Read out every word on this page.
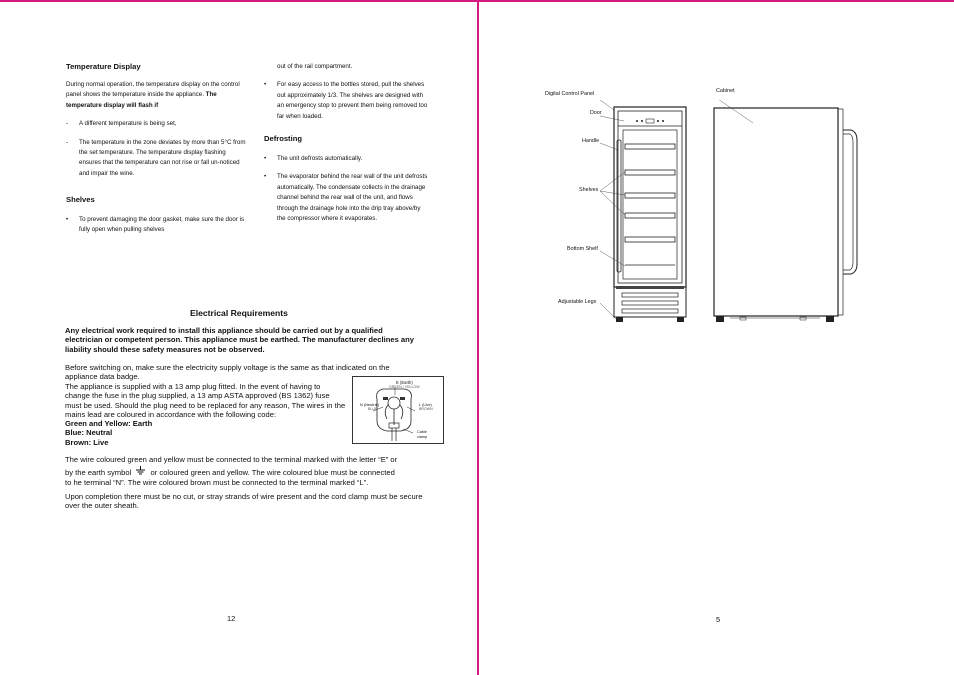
Temperature Display
During normal operation, the temperature display on the control panel shows the temperature inside the appliance. The temperature display will flash if
- A different temperature is being set,
- The temperature in the zone deviates by more than 5°C from the set temperature. The temperature display flashing ensures that the temperature can not rise or fall un-noticed and impair the wine.
Shelves
• To prevent damaging the door gasket, make sure the door is fully open when pulling shelves
out of the rail compartment.
• For easy access to the bottles stored, pull the shelves out approximately 1/3. The shelves are designed with an emergency stop to prevent them being removed too far when loaded.
Defrosting
• The unit defrosts automatically.
• The evaporator behind the rear wall of the unit defrosts automatically. The condensate collects in the drainage channel behind the rear wall of the unit, and flows through the drainage hole into the drip tray above/by the compressor where it evaporates.
Electrical Requirements
Any electrical work required to install this appliance should be carried out by a qualified electrician or competent person. This appliance must be earthed. The manufacturer declines any liability should these safety measures not be observed.
Before switching on, make sure the electricity supply voltage is the same as that indicated on the appliance data badge.
The appliance is supplied with a 13 amp plug fitted. In the event of having to change the fuse in the plug supplied, a 13 amp ASTA approved (BS 1362) fuse must be used. Should the plug need to be replaced for any reason, The wires in the mains lead are coloured in accordance with the following code:
Green and Yellow: Earth
Blue: Neutral
Brown: Live
E (Earth)
GREEN / YELLOW
N (Neutral)
BLUE
L (Live)
BROWN
Cable clamp
The wire coloured green and yellow must be connected to the terminal marked with the letter “E” or
by the earth symbol	or coloured green and yellow. The wire coloured blue must be connected
to he terminal “N”. The wire coloured brown must be connected to the terminal marked “L”.
Upon completion there must be no cut, or stray strands of wire present and the cord clamp must be secure over the outer sheath.
12
Digital Control Panel
Door
Handle
Shelves
Bottom Shelf
Adjustable Legs
Cabinet
5
